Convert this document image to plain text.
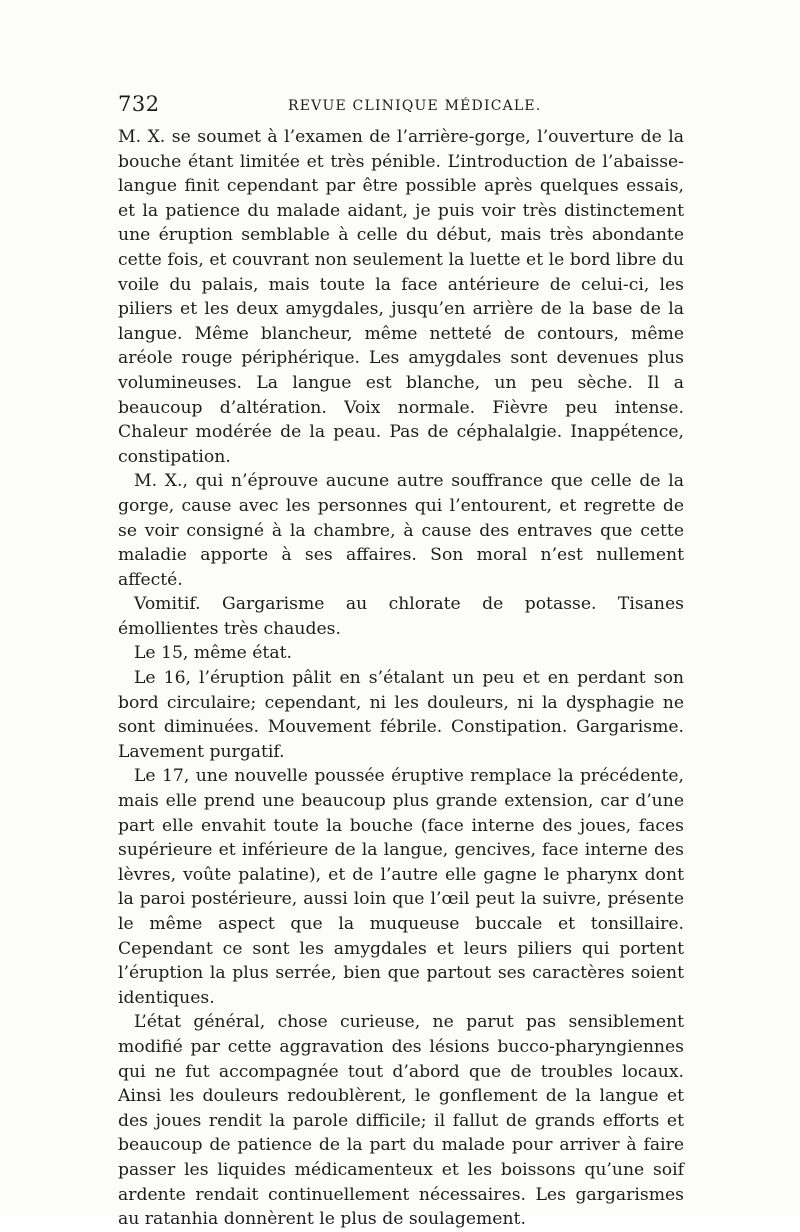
732	REVUE CLINIQUE MÉDICALE.

M. X. se soumet à l’examen de l’arrière-gorge, l’ouverture de la bouche étant limitée et très pénible. L’introduction de l’abaisse-langue finit cependant par être possible après quelques essais, et la patience du malade aidant, je puis voir très distinctement une éruption semblable à celle du début, mais très abondante cette fois, et couvrant non seulement la luette et le bord libre du voile du palais, mais toute la face antérieure de celui-ci, les piliers et les deux amygdales, jusqu’en arrière de la base de la langue. Même blancheur, même netteté de contours, même aréole rouge périphérique. Les amygdales sont devenues plus volumineuses. La langue est blanche, un peu sèche. Il a beaucoup d’altération. Voix normale. Fièvre peu intense. Chaleur modérée de la peau. Pas de céphalalgie. Inappétence, constipation.

M. X., qui n’éprouve aucune autre souffrance que celle de la gorge, cause avec les personnes qui l’entourent, et regrette de se voir consigné à la chambre, à cause des entraves que cette maladie apporte à ses affaires. Son moral n’est nullement affecté.

Vomitif. Gargarisme au chlorate de potasse. Tisanes émollientes très chaudes.

Le 15, même état.

Le 16, l’éruption pâlit en s’étalant un peu et en perdant son bord circulaire; cependant, ni les douleurs, ni la dysphagie ne sont diminuées. Mouvement fébrile. Constipation. Gargarisme. Lavement purgatif.

Le 17, une nouvelle poussée éruptive remplace la précédente, mais elle prend une beaucoup plus grande extension, car d’une part elle envahit toute la bouche (face interne des joues, faces supérieure et inférieure de la langue, gencives, face interne des lèvres, voûte palatine), et de l’autre elle gagne le pharynx dont la paroi postérieure, aussi loin que l’œil peut la suivre, présente le même aspect que la muqueuse buccale et tonsillaire. Cependant ce sont les amygdales et leurs piliers qui portent l’éruption la plus serrée, bien que partout ses caractères soient identiques.

L’état général, chose curieuse, ne parut pas sensiblement modifié par cette aggravation des lésions bucco-pharyngiennes qui ne fut accompagnée tout d’abord que de troubles locaux. Ainsi les douleurs redoublèrent, le gonflement de la langue et des joues rendit la parole difficile; il fallut de grands efforts et beaucoup de patience de la part du malade pour arriver à faire passer les liquides médicamenteux et les boissons qu’une soif ardente rendait continuellement nécessaires. Les gargarismes au ratanhia donnèrent le plus de soulagement.
